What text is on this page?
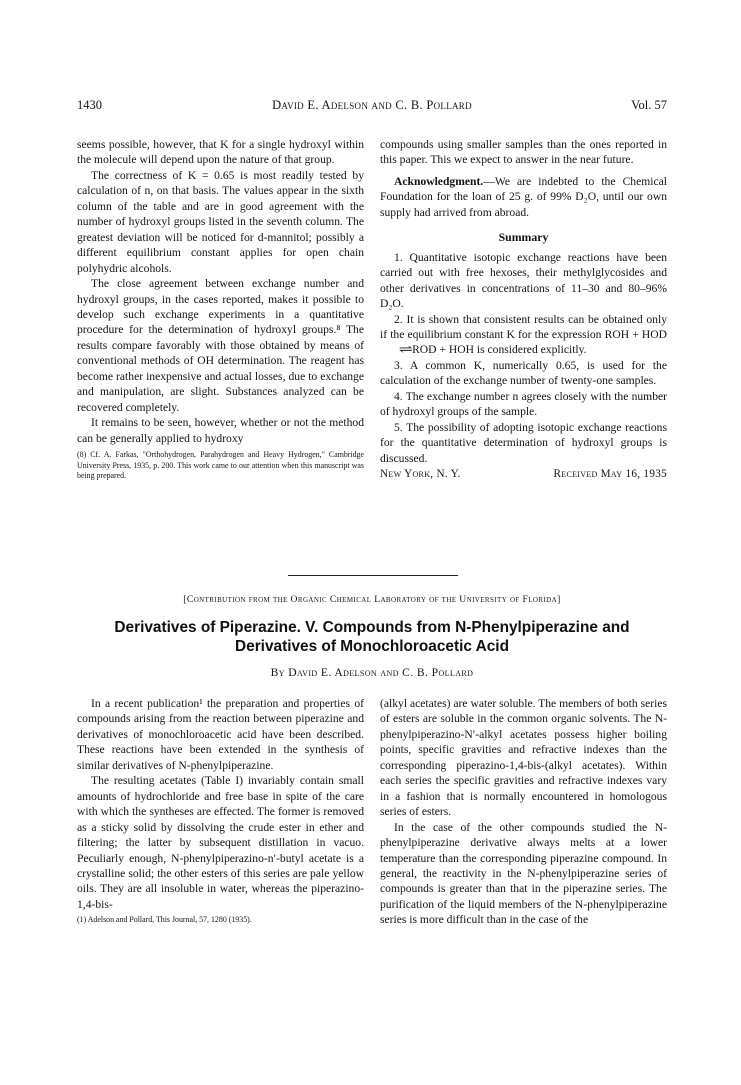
1430	David E. Adelson and C. B. Pollard	Vol. 57

seems possible, however, that K for a single hydroxyl within the molecule will depend upon the nature of that group.

The correctness of K = 0.65 is most readily tested by calculation of n, on that basis. The values appear in the sixth column of the table and are in good agreement with the number of hydroxyl groups listed in the seventh column. The greatest deviation will be noticed for d-mannitol; possibly a different equilibrium constant applies for open chain polyhydric alcohols.

The close agreement between exchange number and hydroxyl groups, in the cases reported, makes it possible to develop such exchange experiments in a quantitative procedure for the determination of hydroxyl groups.⁸ The results compare favorably with those obtained by means of conventional methods of OH determination. The reagent has become rather inexpensive and actual losses, due to exchange and manipulation, are slight. Substances analyzed can be recovered completely.

It remains to be seen, however, whether or not the method can be generally applied to hydroxy

(8) Cf. A. Farkas, "Orthohydrogen, Parahydrogen and Heavy Hydrogen," Cambridge University Press, 1935, p. 200. This work came to our attention when this manuscript was being prepared.

compounds using smaller samples than the ones reported in this paper. This we expect to answer in the near future.

Acknowledgment.—We are indebted to the Chemical Foundation for the loan of 25 g. of 99% D₂O, until our own supply had arrived from abroad.

Summary

1. Quantitative isotopic exchange reactions have been carried out with free hexoses, their methylglycosides and other derivatives in concentrations of 11–30 and 80–96% D₂O.

2. It is shown that consistent results can be obtained only if the equilibrium constant K for the expression ROH + HOD⇌ROD + HOH is considered explicitly.

3. A common K, numerically 0.65, is used for the calculation of the exchange number of twenty-one samples.

4. The exchange number n agrees closely with the number of hydroxyl groups of the sample.

5. The possibility of adopting isotopic exchange reactions for the quantitative determination of hydroxyl groups is discussed.

New York, N. Y.	Received May 16, 1935
[Contribution from the Organic Chemical Laboratory of the University of Florida]
Derivatives of Piperazine. V. Compounds from N-Phenylpiperazine and Derivatives of Monochloroacetic Acid
By David E. Adelson and C. B. Pollard

In a recent publication¹ the preparation and properties of compounds arising from the reaction between piperazine and derivatives of monochloroacetic acid have been described. These reactions have been extended in the synthesis of similar derivatives of N-phenylpiperazine.

The resulting acetates (Table I) invariably contain small amounts of hydrochloride and free base in spite of the care with which the syntheses are effected. The former is removed as a sticky solid by dissolving the crude ester in ether and filtering; the latter by subsequent distillation in vacuo. Peculiarly enough, N-phenylpiperazino-n′-butyl acetate is a crystalline solid; the other esters of this series are pale yellow oils. They are all insoluble in water, whereas the piperazino-1,4-bis-

(1) Adelson and Pollard, This Journal, 57, 1280 (1935).

(alkyl acetates) are water soluble. The members of both series of esters are soluble in the common organic solvents. The N-phenylpiperazino-N′-alkyl acetates possess higher boiling points, specific gravities and refractive indexes than the corresponding piperazino-1,4-bis-(alkyl acetates). Within each series the specific gravities and refractive indexes vary in a fashion that is normally encountered in homologous series of esters.

In the case of the other compounds studied the N-phenylpiperazine derivative always melts at a lower temperature than the corresponding piperazine compound. In general, the reactivity in the N-phenylpiperazine series of compounds is greater than that in the piperazine series. The purification of the liquid members of the N-phenylpiperazine series is more difficult than in the case of the
